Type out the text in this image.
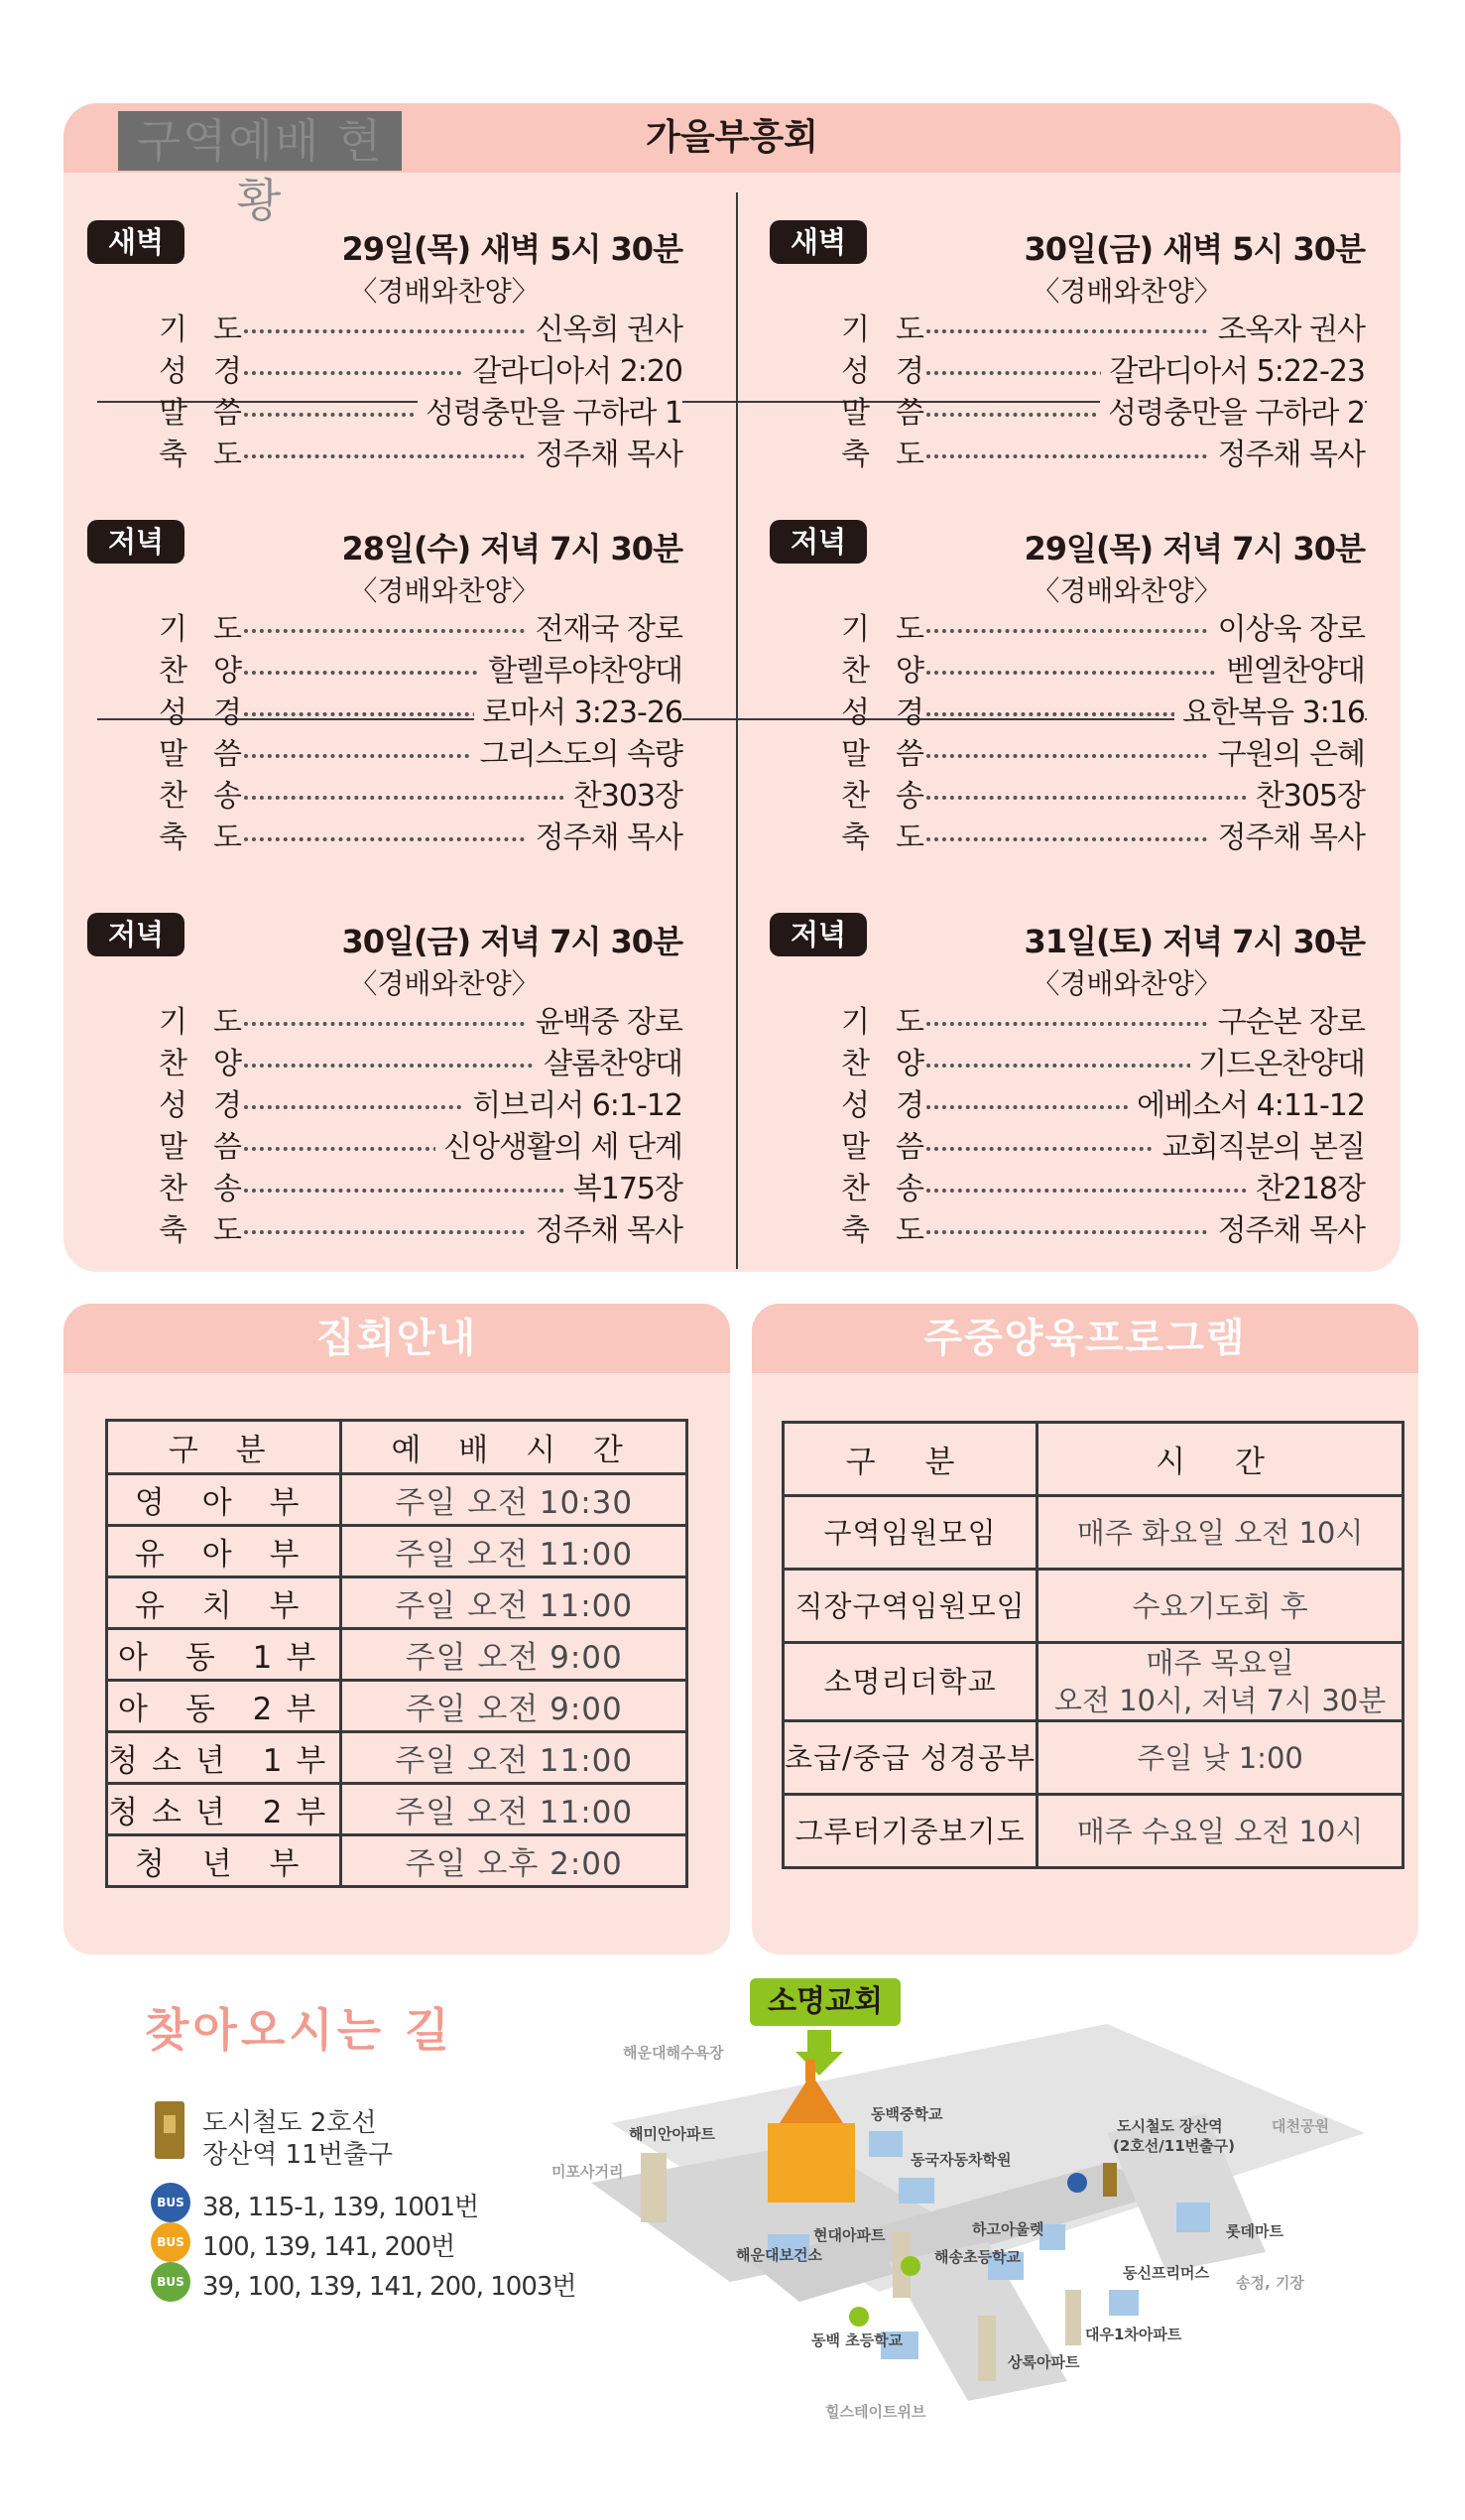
구역예배 현황
가을부흥회
새벽	29일(목) 새벽 5시 30분
〈경배와찬양〉
기도	신옥희 권사
성경	갈라디아서 2:20
말씀	성령충만을 구하라 1
축도	정주채 목사
새벽	30일(금) 새벽 5시 30분
〈경배와찬양〉
기도	조옥자 권사
성경	갈라디아서 5:22-23
말씀	성령충만을 구하라 2
축도	정주채 목사
저녁	28일(수) 저녁 7시 30분
〈경배와찬양〉
기도	전재국 장로
찬양	할렐루야찬양대
성경	로마서 3:23-26
말씀	그리스도의 속량
찬송	찬303장
축도	정주채 목사
저녁	29일(목) 저녁 7시 30분
〈경배와찬양〉
기도	이상욱 장로
찬양	벧엘찬양대
성경	요한복음 3:16
말씀	구원의 은혜
찬송	찬305장
축도	정주채 목사
저녁	30일(금) 저녁 7시 30분
〈경배와찬양〉
기도	윤백중 장로
찬양	샬롬찬양대
성경	히브리서 6:1-12
말씀	신앙생활의 세 단계
찬송	복175장
축도	정주채 목사
저녁	31일(토) 저녁 7시 30분
〈경배와찬양〉
기도	구순본 장로
찬양	기드온찬양대
성경	에베소서 4:11-12
말씀	교회직분의 본질
찬송	찬218장
축도	정주채 목사
집회안내
구 분	예 배 시 간
영 아 부	주일 오전 10:30
유 아 부	주일 오전 11:00
유 치 부	주일 오전 11:00
아 동 1부	주일 오전 9:00
아 동 2부	주일 오전 9:00
청소년 1부	주일 오전 11:00
청소년 2부	주일 오전 11:00
청 년 부	주일 오후 2:00
주중양육프로그램
구 분	시 간
구역임원모임	매주 화요일 오전 10시
직장구역임원모임	수요기도회 후
소명리더학교	매주 목요일
오전 10시, 저녁 7시 30분
초급/중급 성경공부	주일 낮 1:00
그루터기중보기도	매주 수요일 오전 10시
찾아오시는 길
도시철도 2호선
장산역 11번출구
BUS 38, 115-1, 139, 1001번
BUS 100, 139, 141, 200번
BUS 39, 100, 139, 141, 200, 1003번
소명교회
해운대해수욕장
동백중학교
동국자동차학원
도시철도 장산역
(2호선/11번출구)
대천공원
해미안아파트
미포사거리
현대아파트	하고아울렛
해송초등학교
롯데마트
해운대보건소
동신프리머스
송정, 기장
동백 초등학교	대우1차아파트
상록아파트
힐스테이트위브
